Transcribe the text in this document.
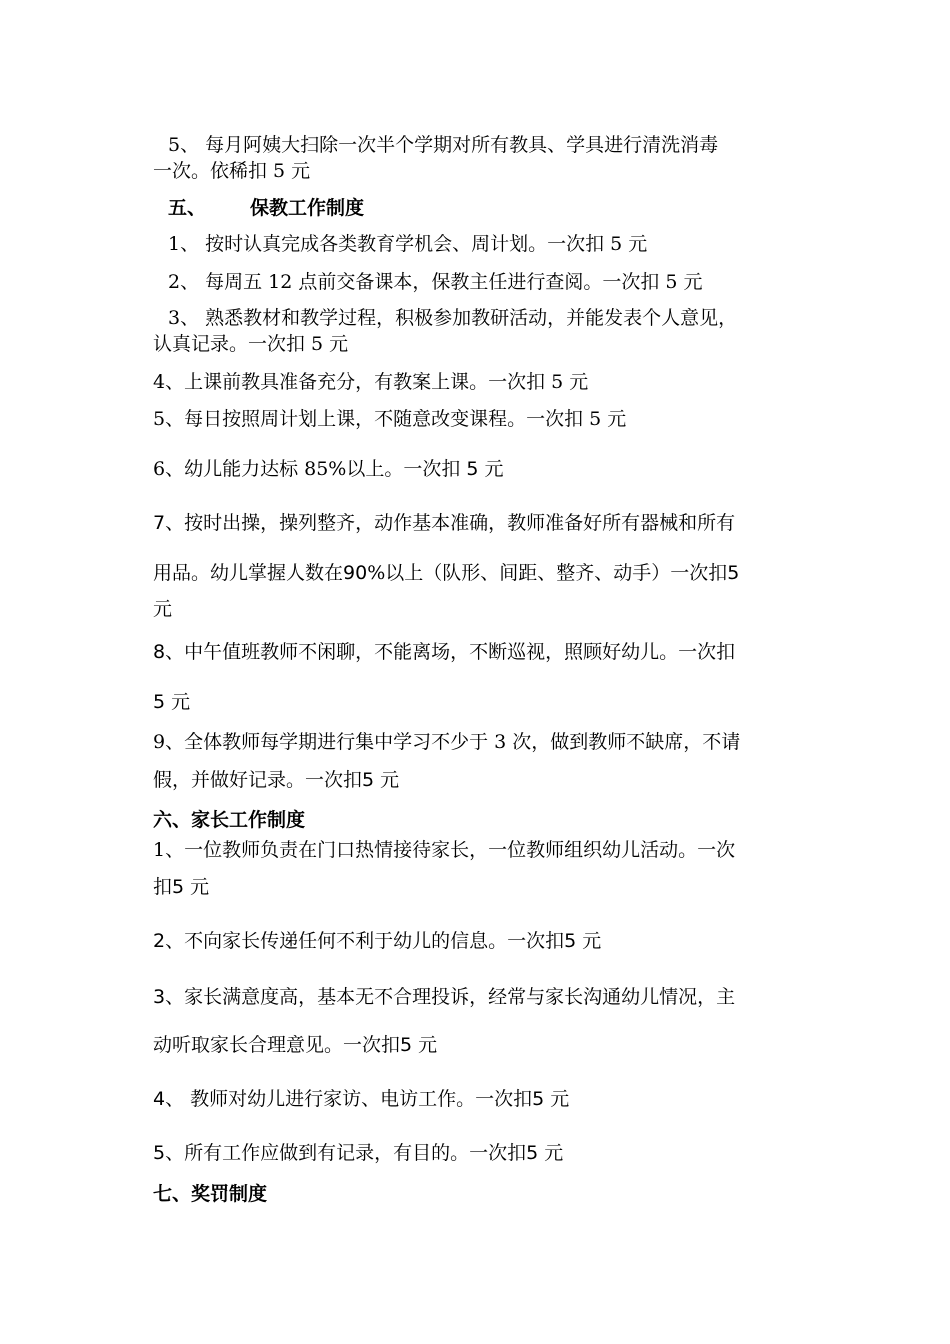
5、 每月阿姨大扫除一次半个学期对所有教具、学具进行清洗消毒
一次。依稀扣 5 元
五、 保教工作制度
1、 按时认真完成各类教育学机会、周计划。一次扣 5 元
2、 每周五 12 点前交备课本，保教主任进行查阅。一次扣 5 元
3、 熟悉教材和教学过程，积极参加教研活动，并能发表个人意见，
认真记录。一次扣 5 元
4、上课前教具准备充分，有教案上课。一次扣 5 元
5、每日按照周计划上课，不随意改变课程。一次扣 5 元
6、幼儿能力达标 85%以上。一次扣 5 元
7、按时出操，操列整齐，动作基本准确，教师准备好所有器械和所有
用品。幼儿掌握人数在90%以上（队形、间距、整齐、动手）一次扣5
元
8、中午值班教师不闲聊，不能离场，不断巡视，照顾好幼儿。一次扣
5 元
9、全体教师每学期进行集中学习不少于 3 次，做到教师不缺席，不请
假，并做好记录。一次扣5 元
六、家长工作制度
1、一位教师负责在门口热情接待家长，一位教师组织幼儿活动。一次
扣5 元
2、不向家长传递任何不利于幼儿的信息。一次扣5 元
3、家长满意度高，基本无不合理投诉，经常与家长沟通幼儿情况，主
动听取家长合理意见。一次扣5 元
4、 教师对幼儿进行家访、电访工作。一次扣5 元
5、所有工作应做到有记录，有目的。一次扣5 元
七、奖罚制度
